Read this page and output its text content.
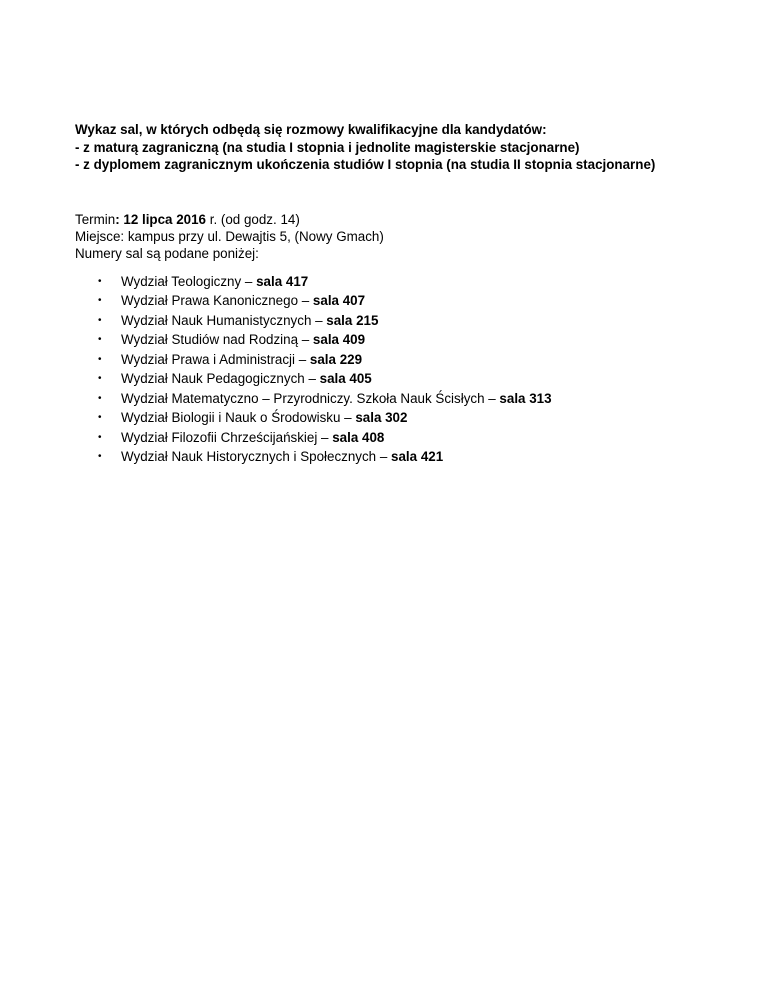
Wykaz sal, w których odbędą się rozmowy kwalifikacyjne dla kandydatów:
- z maturą zagraniczną (na studia I stopnia i jednolite magisterskie stacjonarne)
- z dyplomem zagranicznym ukończenia studiów I stopnia (na studia II stopnia stacjonarne)
Termin: 12 lipca 2016 r. (od godz. 14)
Miejsce: kampus przy ul. Dewajtis 5, (Nowy Gmach)
Numery sal są podane poniżej:
• Wydział Teologiczny – sala 417
• Wydział Prawa Kanonicznego – sala 407
• Wydział Nauk Humanistycznych – sala 215
• Wydział Studiów nad Rodziną – sala 409
• Wydział Prawa i Administracji – sala 229
• Wydział Nauk Pedagogicznych – sala 405
• Wydział Matematyczno – Przyrodniczy. Szkoła Nauk Ścisłych – sala 313
• Wydział Biologii i Nauk o Środowisku – sala 302
• Wydział Filozofii Chrześcijańskiej – sala 408
• Wydział Nauk Historycznych i Społecznych – sala 421
